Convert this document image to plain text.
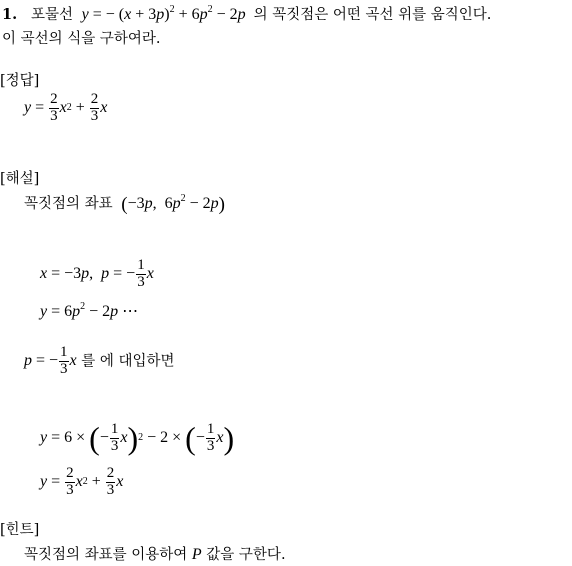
1. 포물선 y = − $(x + 3p)^2 + 6p^2 - 2p$ 의 꼭짓점은 어떤 곡선 위를 움직인다.
이 곡선의 식을 구하여라.
[정답]
$y = \frac{2}{3}$ x $2 + \frac{2}{3}$ x
[해설]
꼭짓점의 좌표 (−3p,  $6p^2 - 2p$)
x = −3 p , p = − $\frac{1}{3}$ x
$y = 6p^2 - 2p$ ⋯
p = − $\frac{1}{3}$ x 를 에 대입하면
y = 6 × ( − $\frac{1}{3}$ x ) 2 − 2 × ( − $\frac{1}{3}$ x )
$y = \frac{2}{3}$ x $2 + \frac{2}{3}$ x
[힌트]
꼭짓점의 좌표를 이용하여 P 값을 구한다.
